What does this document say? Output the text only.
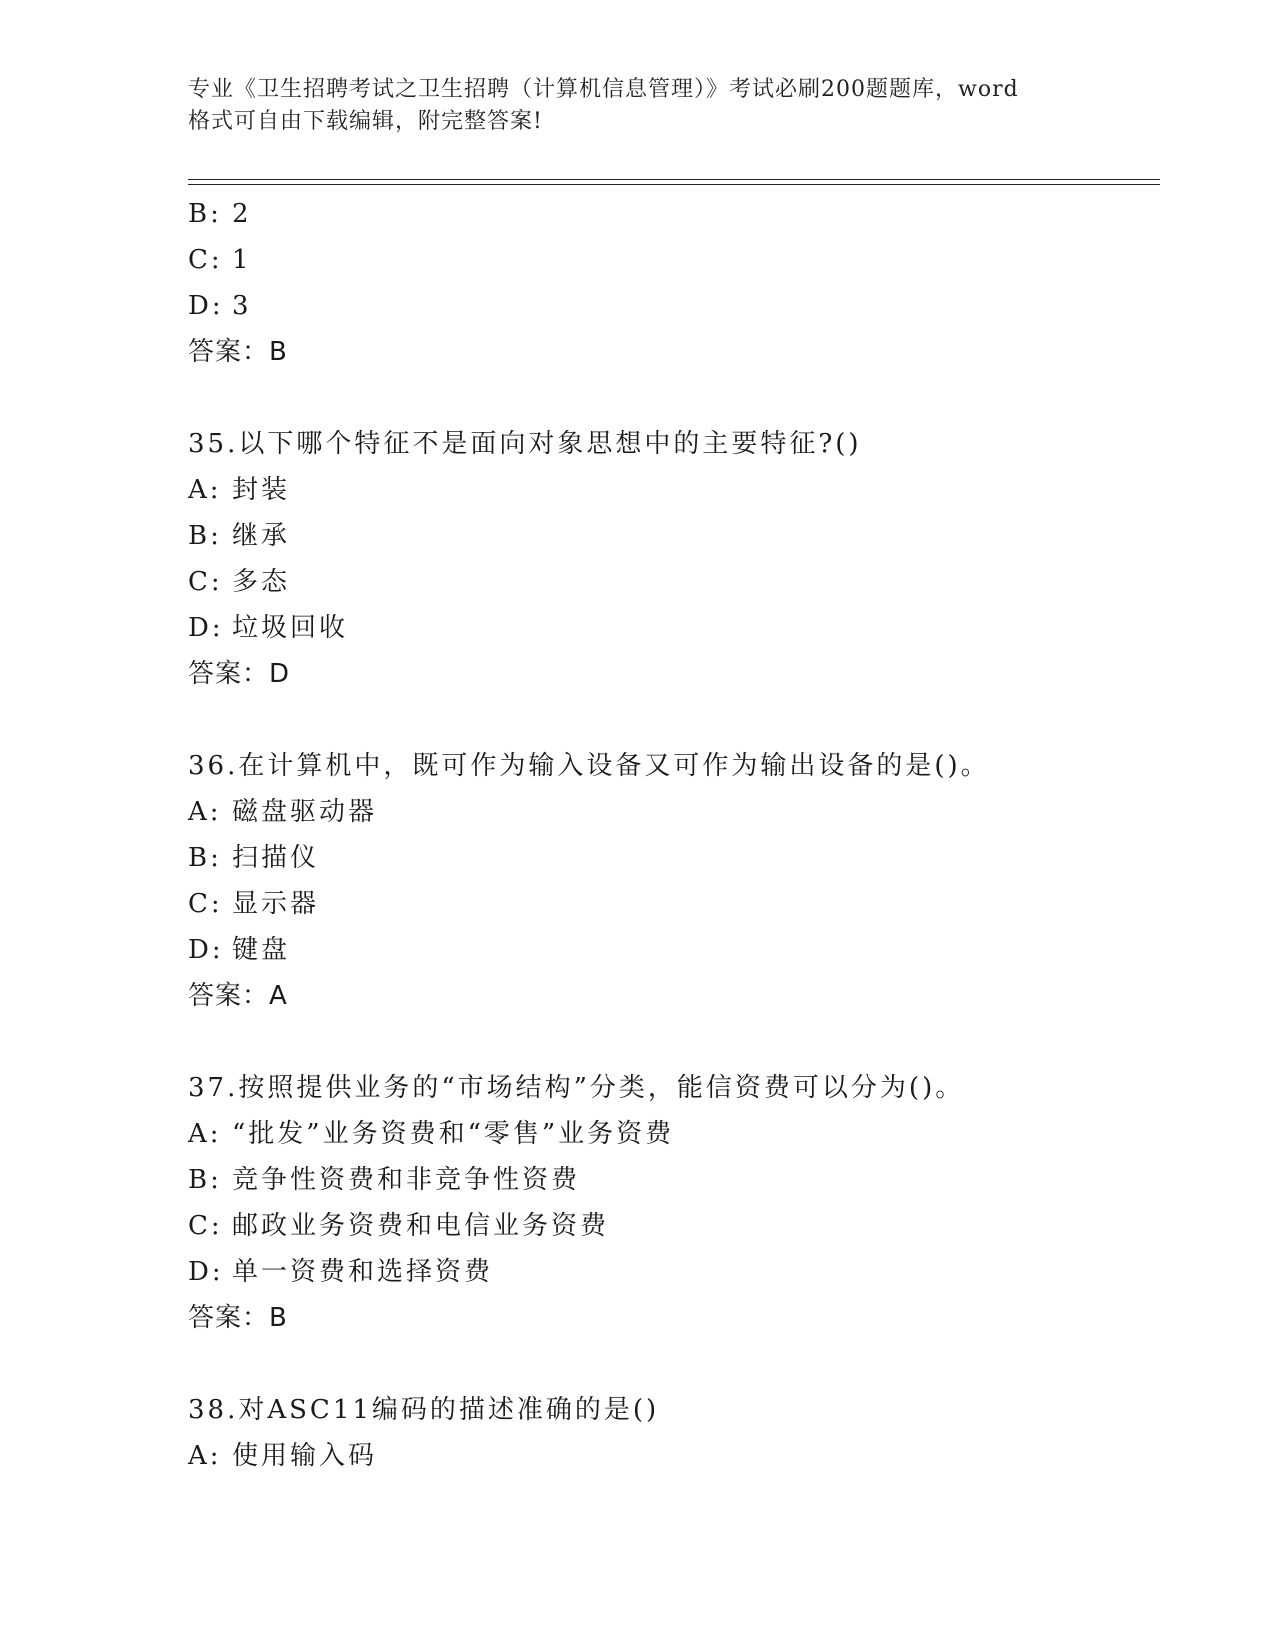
专业《卫生招聘考试之卫生招聘（计算机信息管理）》考试必刷200题题库，word
格式可自由下载编辑，附完整答案!
B: 2
C: 1
D: 3
答案：B
35.以下哪个特征不是面向对象思想中的主要特征?()
A: 封装
B: 继承
C: 多态
D: 垃圾回收
答案：D
36.在计算机中，既可作为输入设备又可作为输出设备的是()。
A: 磁盘驱动器
B: 扫描仪
C: 显示器
D: 键盘
答案：A
37.按照提供业务的“市场结构”分类，能信资费可以分为()。
A: “批发”业务资费和“零售”业务资费
B: 竞争性资费和非竞争性资费
C: 邮政业务资费和电信业务资费
D: 单一资费和选择资费
答案：B
38.对ASC11编码的描述准确的是()
A: 使用输入码
